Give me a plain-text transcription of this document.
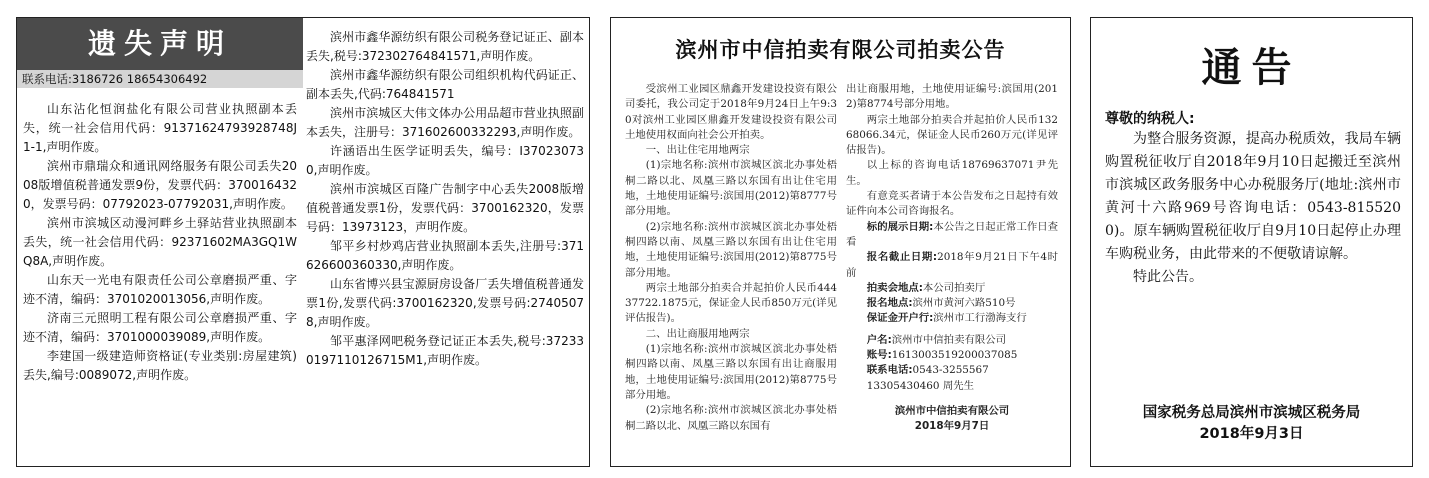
遗失声明
联系电话:3186726 18654306492

山东沾化恒润盐化有限公司营业执照副本丢失，统一社会信用代码：91371624793928748J 1-1,声明作废。

滨州市鼎瑞众和通讯网络服务有限公司丢失2008版增值税普通发票9份，发票代码：3700164320，发票号码：07792023-07792031,声明作废。

滨州市滨城区动漫河畔乡土驿站营业执照副本丢失，统一社会信用代码：92371602MA3GQ1WQ8A,声明作废。

山东天一光电有限责任公司公章磨损严重、字迹不清，编码：3701020013056,声明作废。

济南三元照明工程有限公司公章磨损严重、字迹不清，编码：3701000039089,声明作废。

李建国一级建造师资格证(专业类别:房屋建筑)丢失,编号:0089072,声明作废。

滨州市鑫华源纺织有限公司税务登记证正、副本丢失,税号:372302764841571,声明作废。

滨州市鑫华源纺织有限公司组织机构代码证正、副本丢失,代码:764841571

滨州市滨城区大伟文体办公用品超市营业执照副本丢失，注册号：371602600332293,声明作废。

许涵语出生医学证明丢失，编号：I370230730,声明作废。

滨州市滨城区百隆广告制字中心丢失2008版增值税普通发票1份，发票代码：3700162320，发票号码：13973123，声明作废。

邹平乡村炒鸡店营业执照副本丢失,注册号:371626600360330,声明作废。

山东省博兴县宝源厨房设备厂丢失增值税普通发票1份,发票代码:3700162320,发票号码:27405078,声明作废。

邹平惠泽网吧税务登记证正本丢失,税号:372330197110126715M1,声明作废。

滨州市中信拍卖有限公司拍卖公告

受滨州工业园区鼎鑫开发建设投资有限公司委托，我公司定于2018年9月24日上午9:30对滨州工业园区鼎鑫开发建设投资有限公司土地使用权面向社会公开拍卖。

一、出让住宅用地两宗

(1)宗地名称:滨州市滨城区滨北办事处梧桐二路以北、凤凰三路以东国有出让住宅用地，土地使用证编号:滨国用(2012)第8777号部分用地。

(2)宗地名称:滨州市滨城区滨北办事处梧桐四路以南、凤凰三路以东国有出让住宅用地，土地使用证编号:滨国用(2012)第8775号部分用地。

两宗土地部分拍卖合并起拍价人民币44437722.1875元，保证金人民币850万元(详见评估报告)。

二、出让商服用地两宗

(1)宗地名称:滨州市滨城区滨北办事处梧桐四路以南、凤凰三路以东国有出让商服用地，土地使用证编号:滨国用(2012)第8775号部分用地。

(2)宗地名称:滨州市滨城区滨北办事处梧桐二路以北、凤凰三路以东国有

出让商服用地，土地使用证编号:滨国用(2012)第8774号部分用地。

两宗土地部分拍卖合并起拍价人民币13268066.34元，保证金人民币260万元(详见评估报告)。

以上标的咨询电话18769637071尹先生。

有意竞买者请于本公告发布之日起持有效证件向本公司咨询报名。

标的展示日期:本公告之日起正常工作日查看

报名截止日期:2018年9月21日下午4时前

拍卖会地点:本公司拍卖厅

报名地点:滨州市黄河六路510号

保证金开户行:滨州市工行渤海支行

户名:滨州市中信拍卖有限公司

账号:1613003519200037085

联系电话:0543-3255567

13305430460 周先生

滨州市中信拍卖有限公司

2018年9月7日

通告
尊敬的纳税人:

为整合服务资源，提高办税质效，我局车辆购置税征收厅自2018年9月10日起搬迁至滨州市滨城区政务服务中心办税服务厅(地址:滨州市黄河十六路969号咨询电话：0543-8155200)。原车辆购置税征收厅自9月10日起停止办理车购税业务，由此带来的不便敬请谅解。

特此公告。

国家税务总局滨州市滨城区税务局
2018年9月3日
